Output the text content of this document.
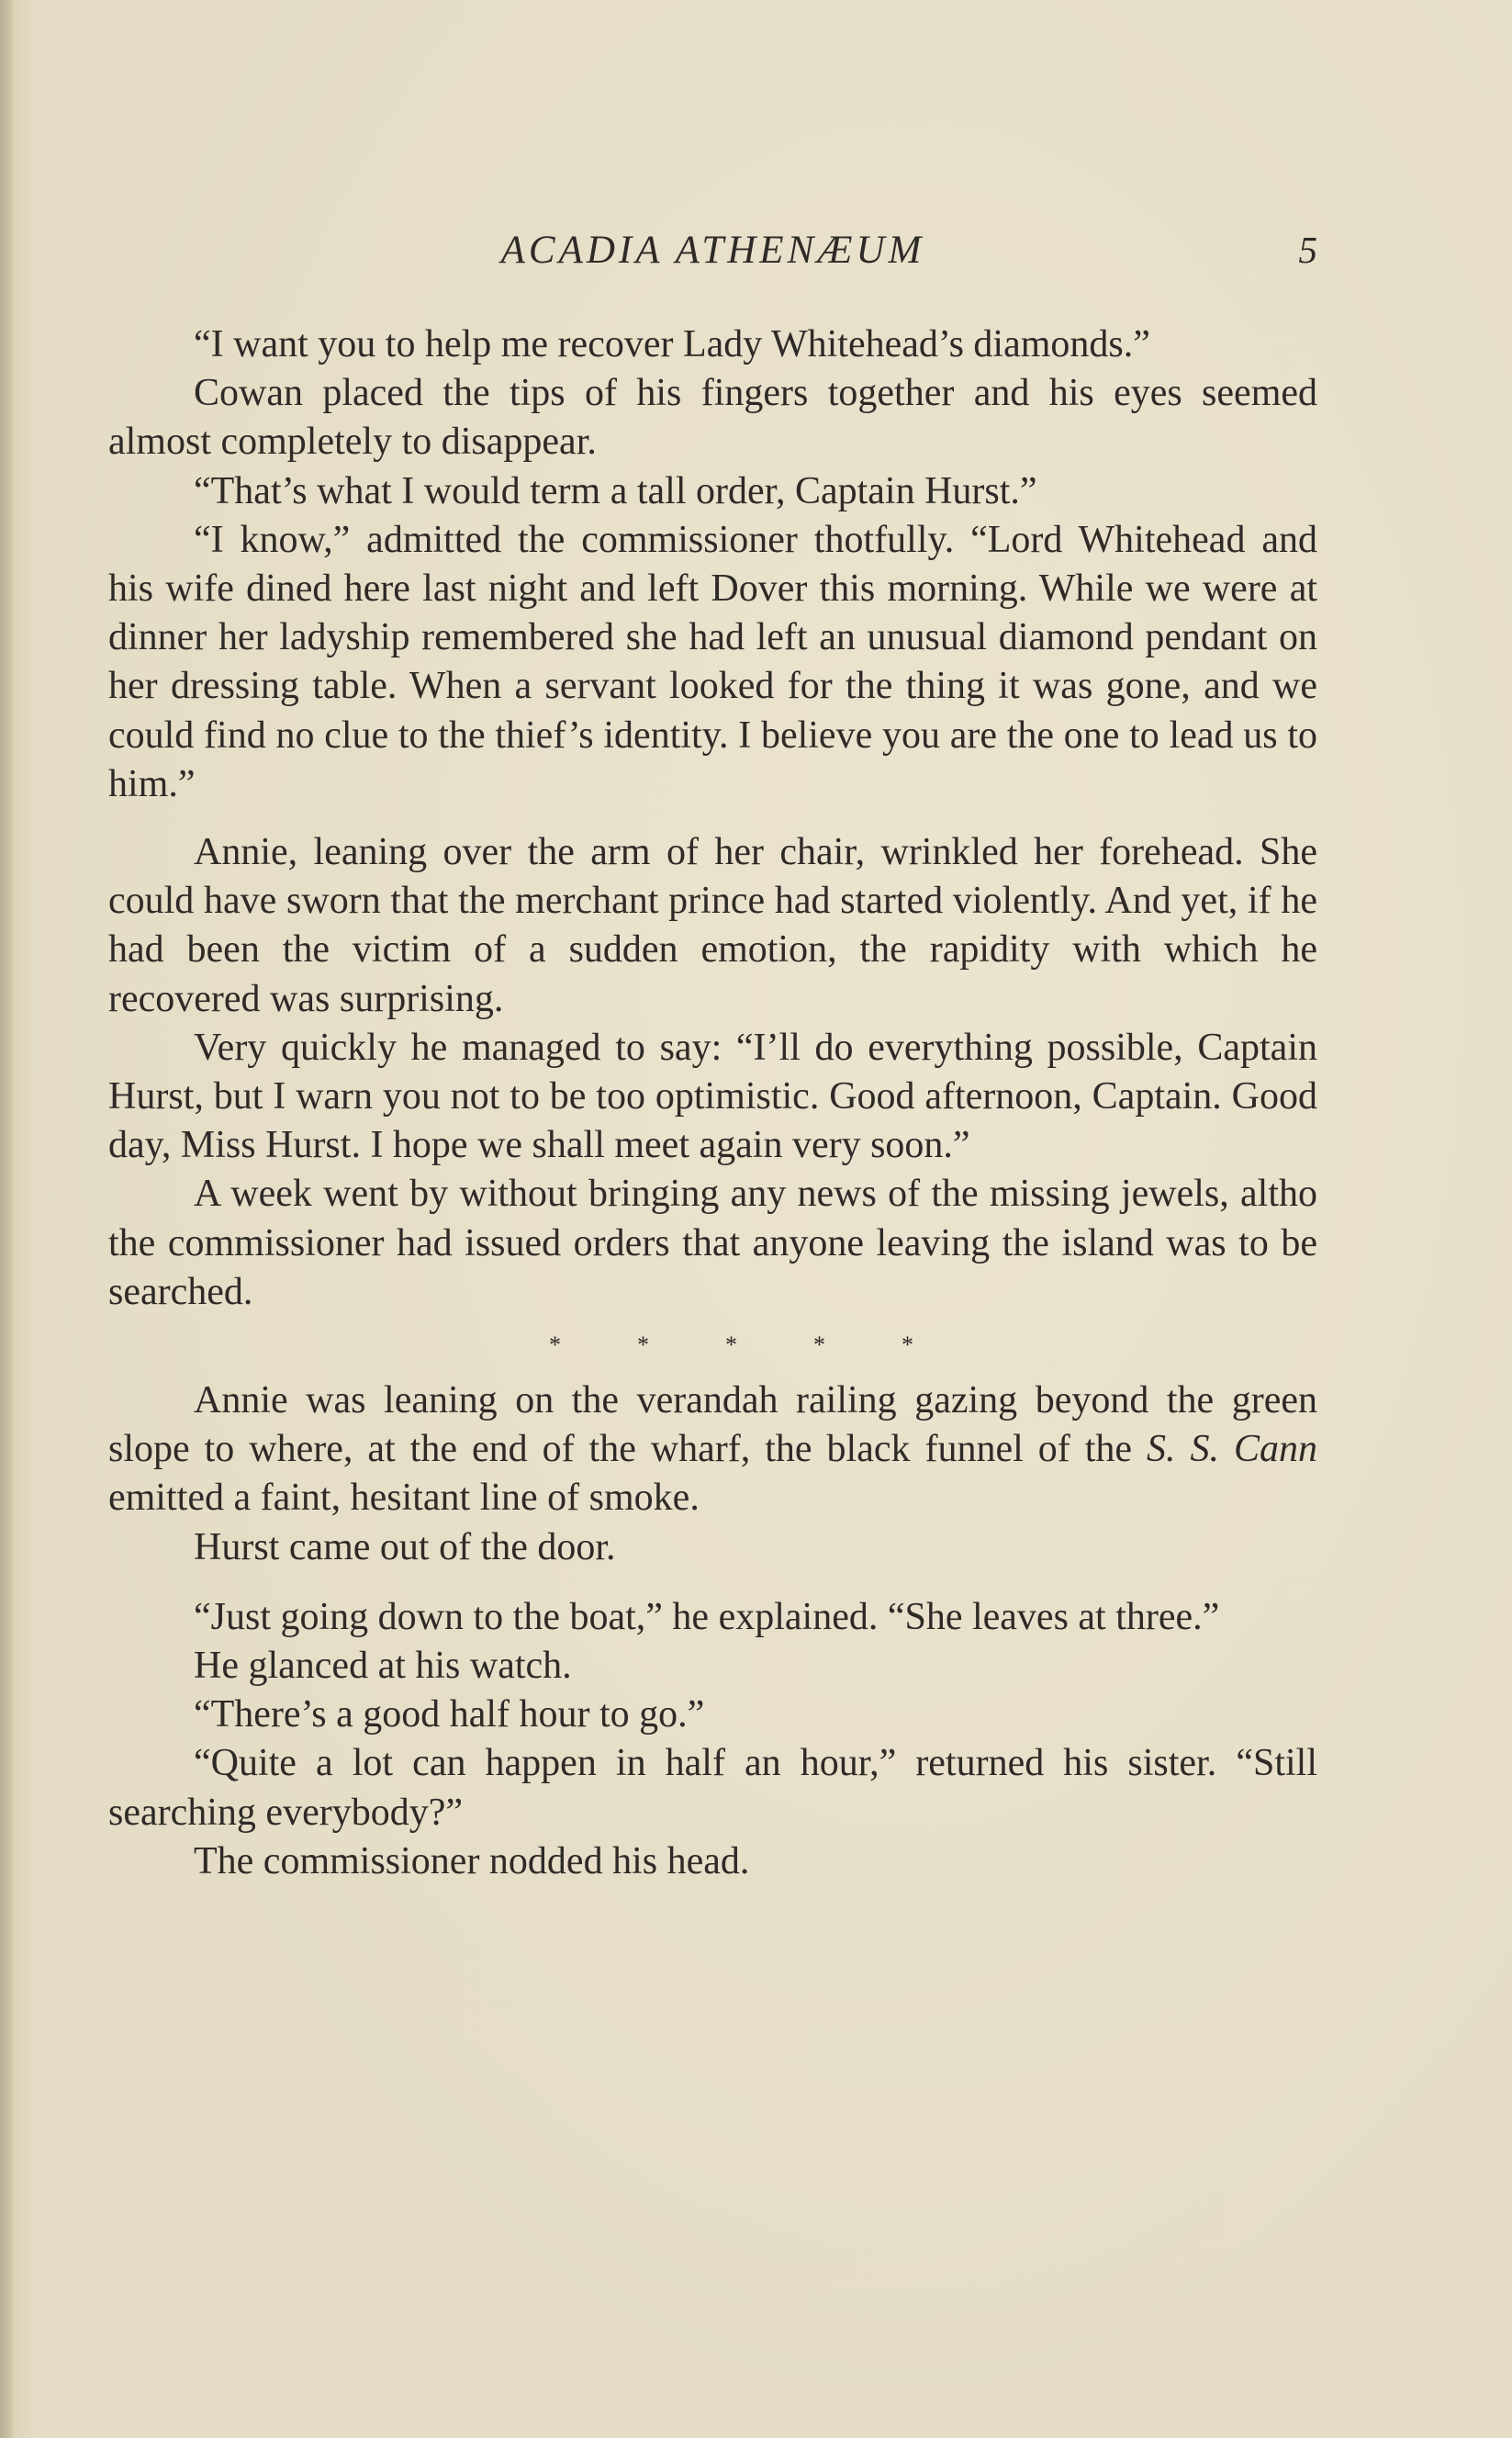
ACADIA ATHENÆUM	5

“I want you to help me recover Lady Whitehead’s diamonds.”

Cowan placed the tips of his fingers together and his eyes seemed almost completely to disappear.

“That’s what I would term a tall order, Captain Hurst.”

“I know,” admitted the commissioner thotfully. “Lord Whitehead and his wife dined here last night and left Dover this morning. While we were at dinner her ladyship remembered she had left an unusual diamond pendant on her dressing table. When a servant looked for the thing it was gone, and we could find no clue to the thief’s identity. I believe you are the one to lead us to him.”

Annie, leaning over the arm of her chair, wrinkled her forehead. She could have sworn that the merchant prince had started violently. And yet, if he had been the victim of a sudden emotion, the rapidity with which he recovered was surprising.

Very quickly he managed to say: “I’ll do everything possible, Captain Hurst, but I warn you not to be too optimistic. Good afternoon, Captain. Good day, Miss Hurst. I hope we shall meet again very soon.”

A week went by without bringing any news of the missing jewels, altho the commissioner had issued orders that anyone leaving the island was to be searched.

*	*	*	*	*

Annie was leaning on the verandah railing gazing beyond the green slope to where, at the end of the wharf, the black funnel of the S. S. Cann emitted a faint, hesitant line of smoke.

Hurst came out of the door.

“Just going down to the boat,” he explained. “She leaves at three.”

He glanced at his watch.

“There’s a good half hour to go.”

“Quite a lot can happen in half an hour,” returned his sister. “Still searching everybody?”

The commissioner nodded his head.
